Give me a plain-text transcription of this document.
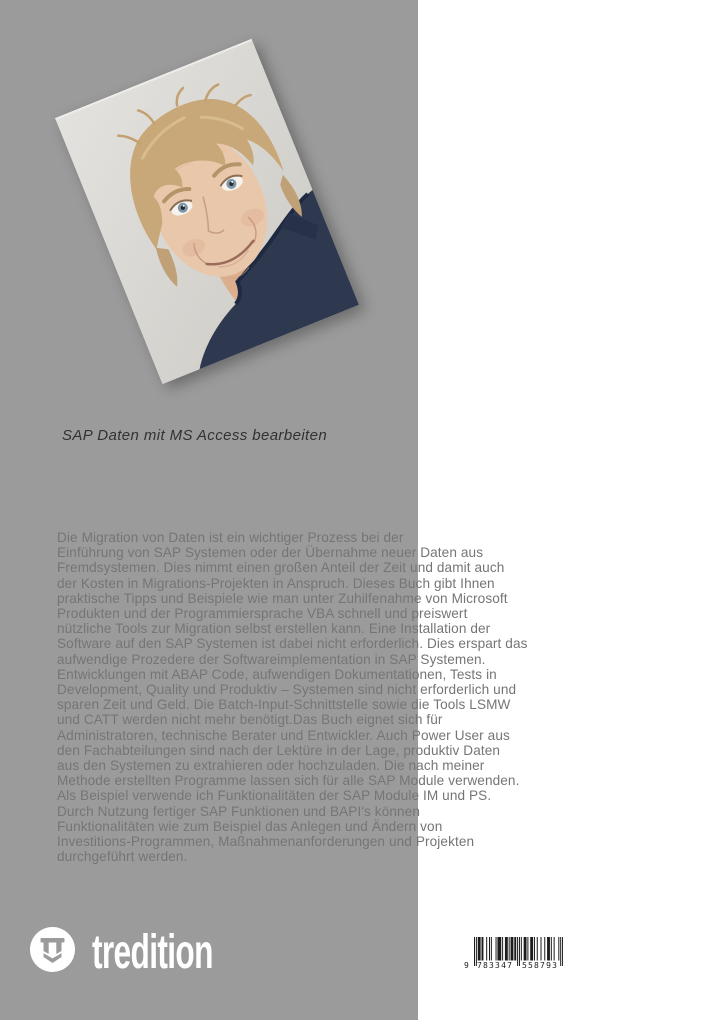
SAP Daten mit MS Access bearbeiten
Die Migration von Daten ist ein wichtiger Prozess bei der
Einführung von SAP Systemen oder der Übernahme neuer Daten aus
Fremdsystemen. Dies nimmt einen großen Anteil der Zeit und damit auch
der Kosten in Migrations-Projekten in Anspruch. Dieses Buch gibt Ihnen
praktische Tipps und Beispiele wie man unter Zuhilfenahme von Microsoft
Produkten und der Programmiersprache VBA schnell und preiswert
nützliche Tools zur Migration selbst erstellen kann. Eine Installation der
Software auf den SAP Systemen ist dabei nicht erforderlich. Dies erspart das
aufwendige Prozedere der Softwareimplementation in SAP Systemen.
Entwicklungen mit ABAP Code, aufwendigen Dokumentationen, Tests in
Development, Quality und Produktiv – Systemen sind nicht erforderlich und
sparen Zeit und Geld. Die Batch-Input-Schnittstelle sowie die Tools LSMW
und CATT werden nicht mehr benötigt.Das Buch eignet sich für
Administratoren, technische Berater und Entwickler. Auch Power User aus
den Fachabteilungen sind nach der Lektüre in der Lage, produktiv Daten
aus den Systemen zu extrahieren oder hochzuladen. Die nach meiner
Methode erstellten Programme lassen sich für alle SAP Module verwenden.
Als Beispiel verwende ich Funktionalitäten der SAP Module IM und PS.
Durch Nutzung fertiger SAP Funktionen und BAPI's können
Funktionalitäten wie zum Beispiel das Anlegen und Ändern von
Investitions-Programmen, Maßnahmenanforderungen und Projekten
durchgeführt werden.
tredition	9 783347 558793
